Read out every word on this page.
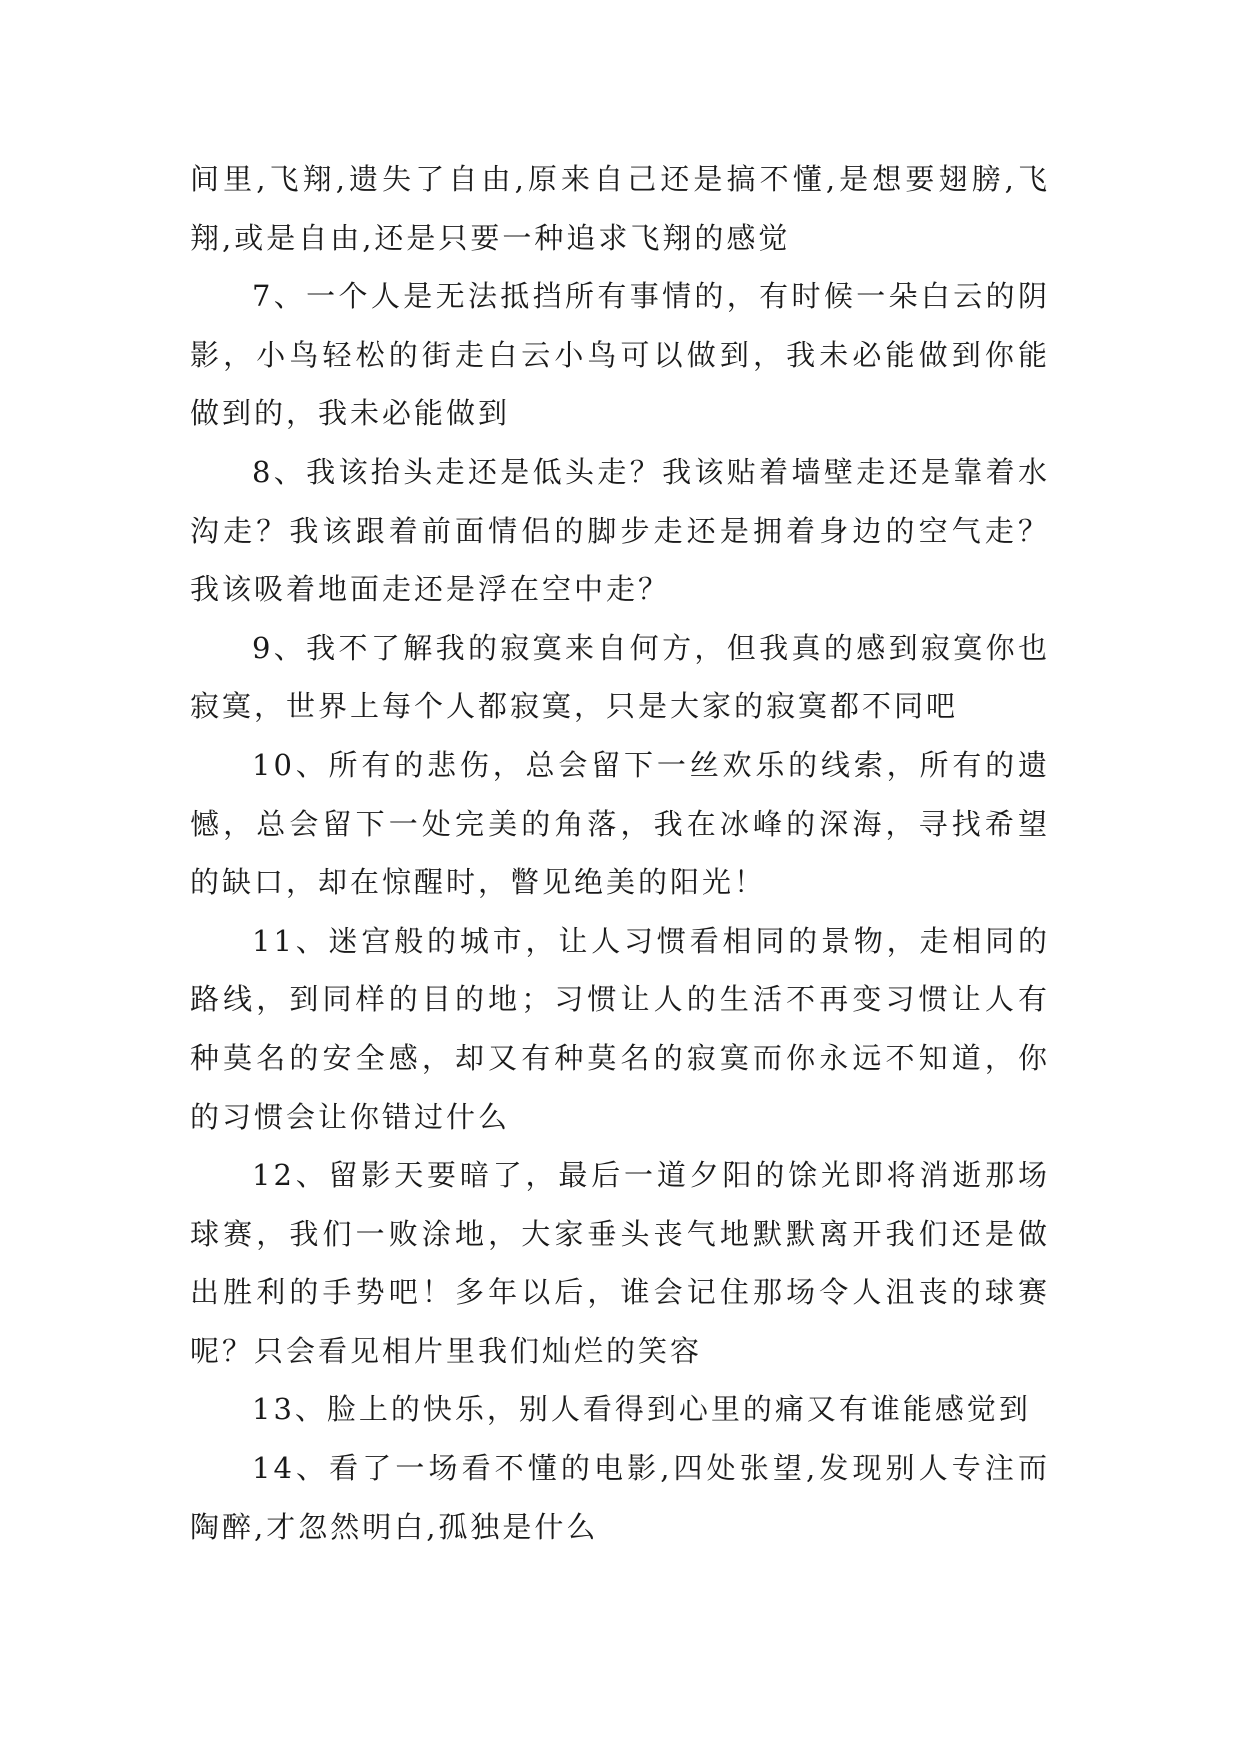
间里,飞翔,遗失了自由,原来自己还是搞不懂,是想要翅膀,飞翔,或是自由,还是只要一种追求飞翔的感觉

7、一个人是无法抵挡所有事情的，有时候一朵白云的阴影，小鸟轻松的街走白云小鸟可以做到，我未必能做到你能做到的，我未必能做到

8、我该抬头走还是低头走？我该贴着墙壁走还是靠着水沟走？我该跟着前面情侣的脚步走还是拥着身边的空气走？我该吸着地面走还是浮在空中走？

9、我不了解我的寂寞来自何方，但我真的感到寂寞你也寂寞，世界上每个人都寂寞，只是大家的寂寞都不同吧

10、所有的悲伤，总会留下一丝欢乐的线索，所有的遗憾，总会留下一处完美的角落，我在冰峰的深海，寻找希望的缺口，却在惊醒时，瞥见绝美的阳光！

11、迷宫般的城市，让人习惯看相同的景物，走相同的路线，到同样的目的地；习惯让人的生活不再变习惯让人有种莫名的安全感，却又有种莫名的寂寞而你永远不知道，你的习惯会让你错过什么

12、留影天要暗了，最后一道夕阳的馀光即将消逝那场球赛，我们一败涂地，大家垂头丧气地默默离开我们还是做出胜利的手势吧！多年以后，谁会记住那场令人沮丧的球赛呢？只会看见相片里我们灿烂的笑容

13、脸上的快乐，别人看得到心里的痛又有谁能感觉到

14、看了一场看不懂的电影,四处张望,发现别人专注而陶醉,才忽然明白,孤独是什么
